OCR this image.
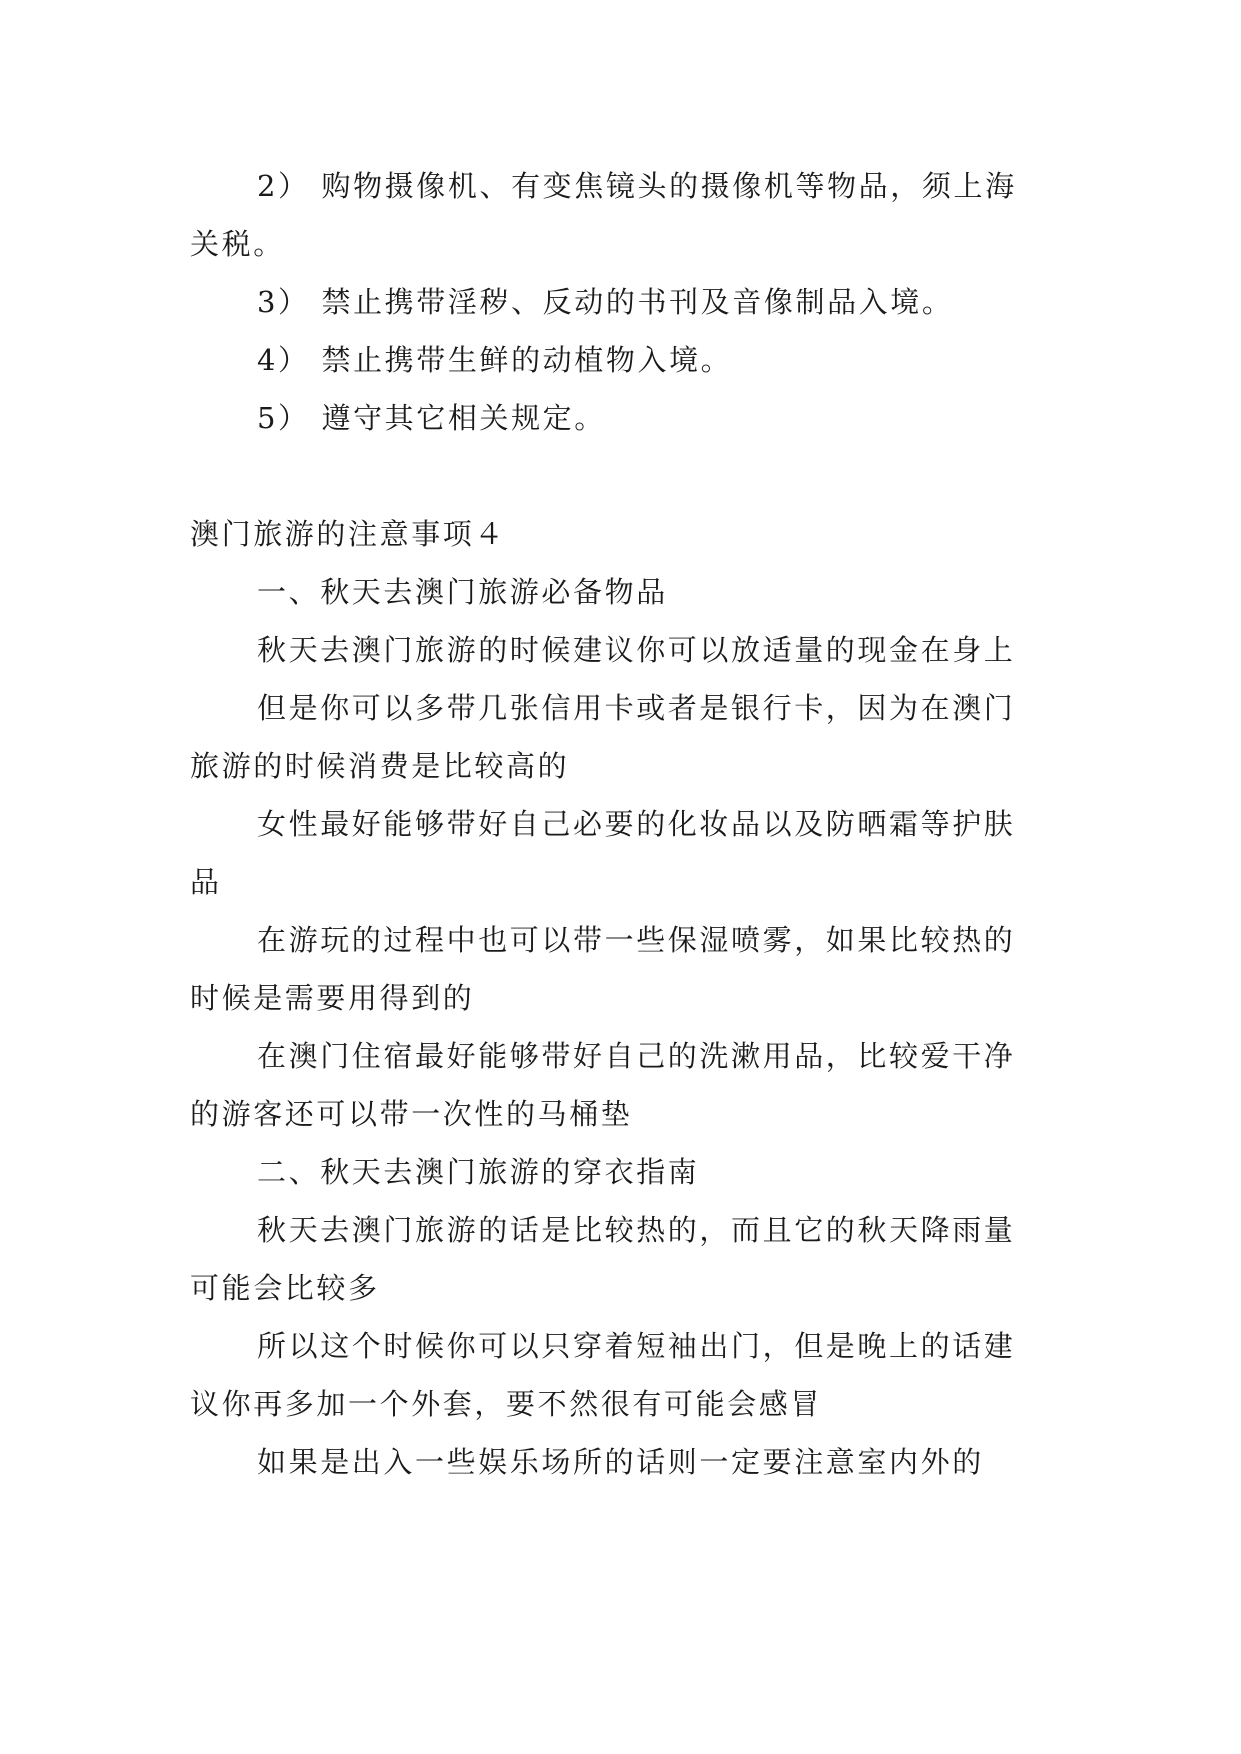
2） 购物摄像机、有变焦镜头的摄像机等物品，须上海关税。

3） 禁止携带淫秽、反动的书刊及音像制品入境。

4） 禁止携带生鲜的动植物入境。

5） 遵守其它相关规定。

澳门旅游的注意事项４

一、秋天去澳门旅游必备物品

秋天去澳门旅游的时候建议你可以放适量的现金在身上

但是你可以多带几张信用卡或者是银行卡，因为在澳门旅游的时候消费是比较高的

女性最好能够带好自己必要的化妆品以及防晒霜等护肤品

在游玩的过程中也可以带一些保湿喷雾，如果比较热的时候是需要用得到的

在澳门住宿最好能够带好自己的洗漱用品，比较爱干净的游客还可以带一次性的马桶垫

二、秋天去澳门旅游的穿衣指南

秋天去澳门旅游的话是比较热的，而且它的秋天降雨量可能会比较多

所以这个时候你可以只穿着短袖出门，但是晚上的话建议你再多加一个外套，要不然很有可能会感冒

如果是出入一些娱乐场所的话则一定要注意室内外的
